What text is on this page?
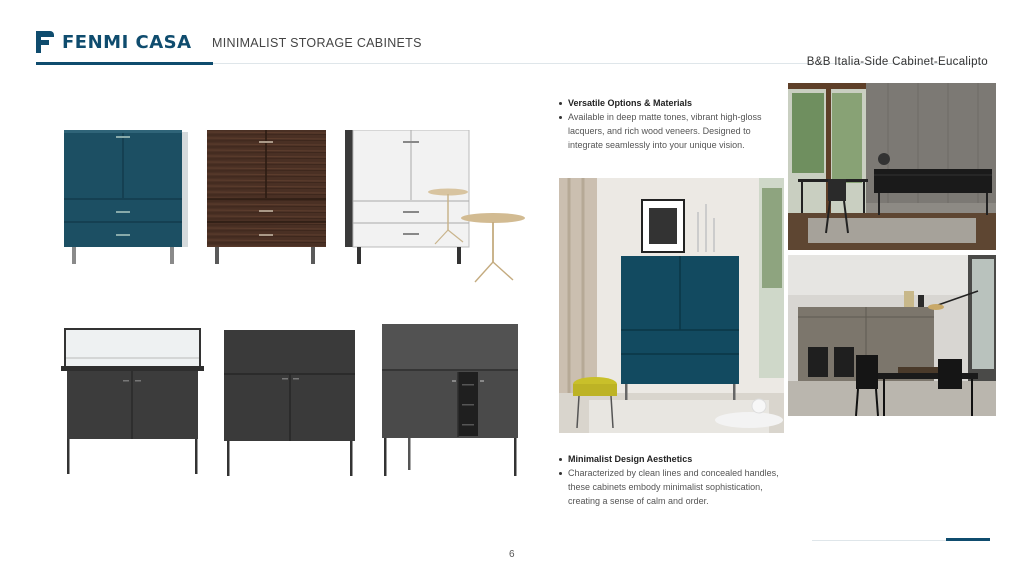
FENMI CASA MINIMALIST STORAGE CABINETS
B&B Italia-Side Cabinet-Eucalipto
Versatile Options & Materials
Available in deep matte tones, vibrant high-gloss lacquers, and rich wood veneers. Designed to integrate seamlessly into your unique vision.
Minimalist Design Aesthetics
Characterized by clean lines and concealed handles, these cabinets embody minimalist sophistication, creating a sense of calm and order.
6
